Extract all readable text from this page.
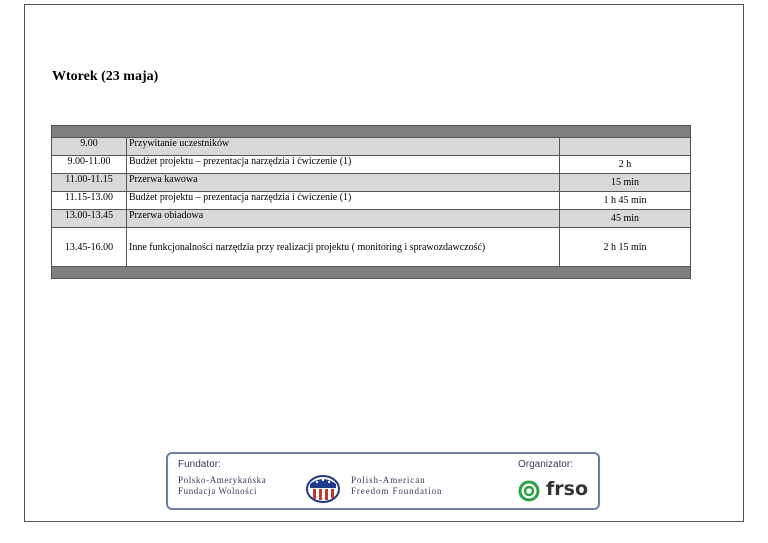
Wtorek (23 maja)

9.00	Przywitanie uczestników	
9.00-11.00	Budżet projektu – prezentacja narzędzia i ćwiczenie (1)	2 h
11.00-11.15	Przerwa kawowa	15 min
11.15-13.00	Budżet projektu – prezentacja narzędzia i ćwiczenie (1)	1 h 45 min
13.00-13.45	Przerwa obiadowa	45 min
13.45-16.00	Inne funkcjonalności narzędzia przy realizacji projektu ( monitoring i sprawozdawczość)	2 h 15 min

Fundator:
Polsko-Amerykańska
Fundacja Wolności
Polish-American
Freedom Foundation
Organizator:
frso
